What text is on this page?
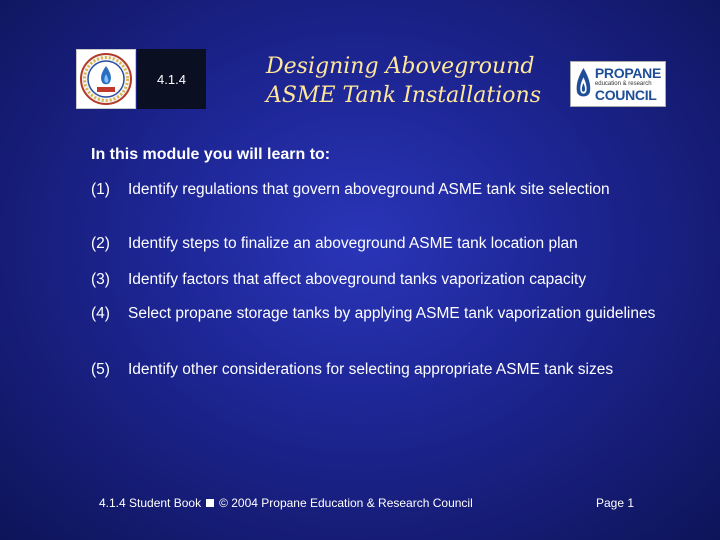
4.1.4	Designing Aboveground
ASME Tank Installations
PROPANE
education & research
COUNCIL
In this module you will learn to:
(1)	Identify regulations that govern aboveground ASME tank site selection
(2)	Identify steps to finalize an aboveground ASME tank location plan
(3)	Identify factors that affect aboveground tanks vaporization capacity
(4)	Select propane storage tanks by applying ASME tank vaporization guidelines
(5)	Identify other considerations for selecting appropriate ASME tank sizes
4.1.4 Student Book © 2004 Propane Education & Research Council	Page 1
